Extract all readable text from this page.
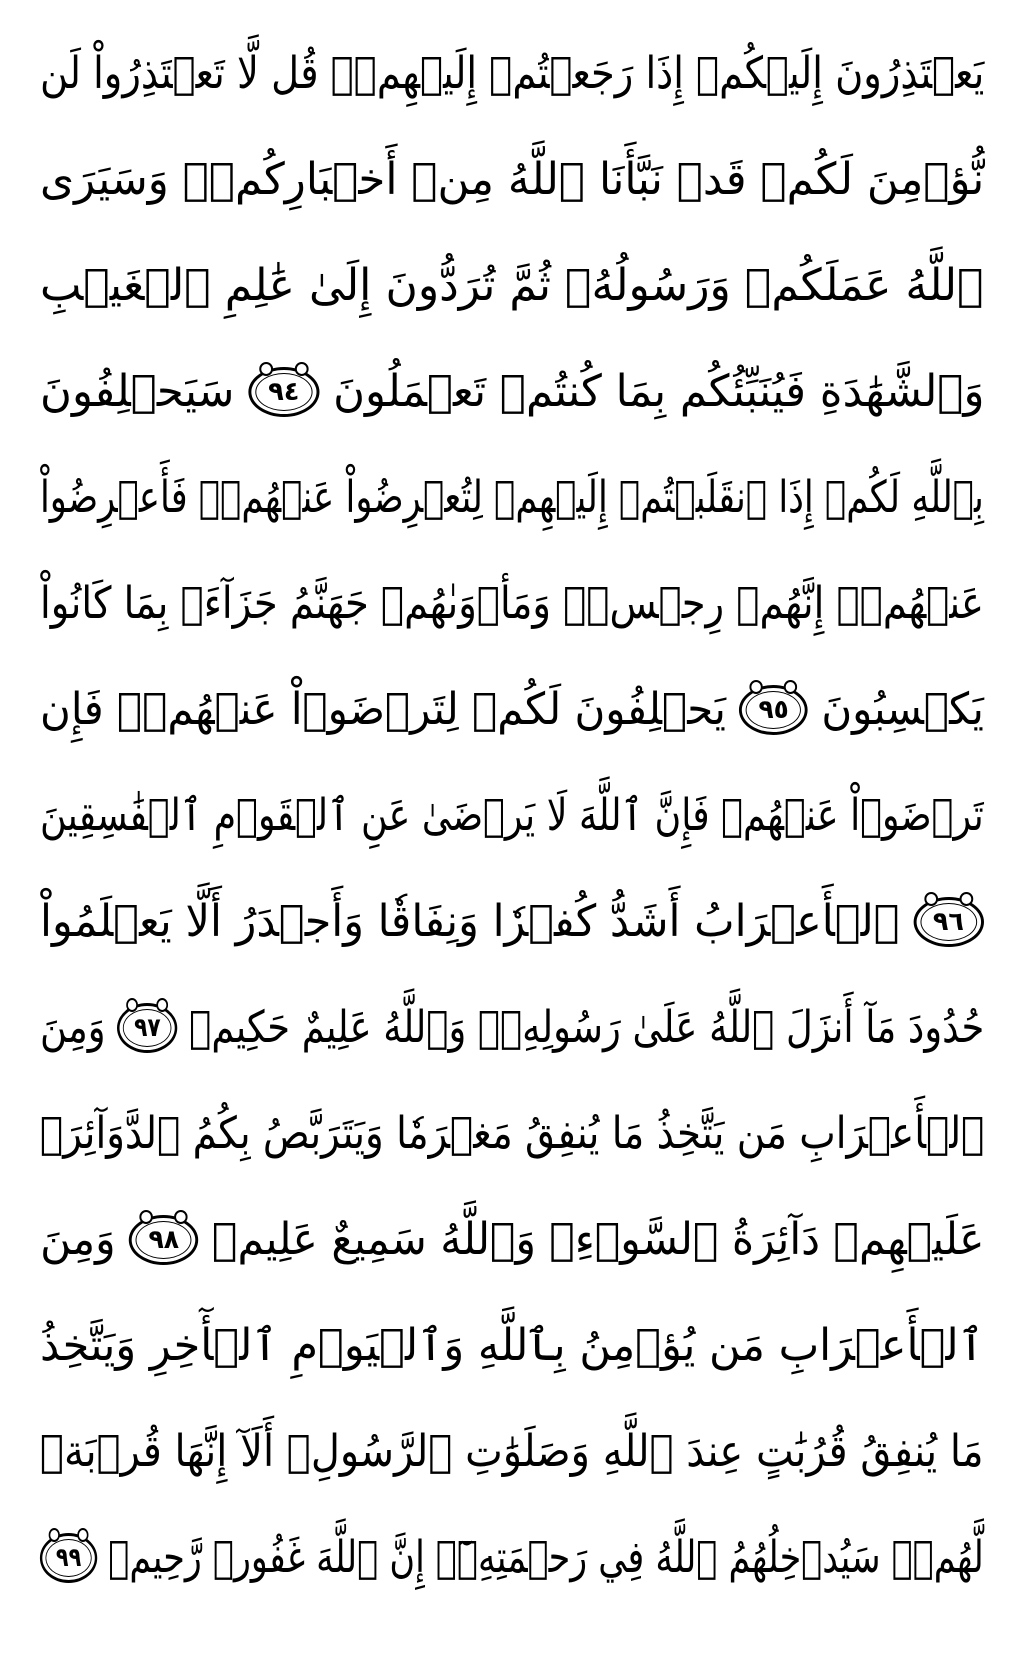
يَعۡتَذِرُونَ إِلَيۡكُمۡ إِذَا رَجَعۡتُمۡ إِلَيۡهِمۡۚ قُل لَّا تَعۡتَذِرُواْ لَن
نُّؤۡمِنَ لَكُمۡ قَدۡ نَبَّأَنَا ٱللَّهُ مِنۡ أَخۡبَارِكُمۡۚ وَسَيَرَى
ٱللَّهُ عَمَلَكُمۡ وَرَسُولُهُۥ ثُمَّ تُرَدُّونَ إِلَىٰ عَٰلِمِ ٱلۡغَيۡبِ
وَٱلشَّهَٰدَةِ فَيُنَبِّئُكُم بِمَا كُنتُمۡ تَعۡمَلُونَ
٩٤
سَيَحۡلِفُونَ
بِٱللَّهِ لَكُمۡ إِذَا ٱنقَلَبۡتُمۡ إِلَيۡهِمۡ لِتُعۡرِضُواْ عَنۡهُمۡۖ فَأَعۡرِضُواْ
عَنۡهُمۡۖ إِنَّهُمۡ رِجۡسٞۖ وَمَأۡوَىٰهُمۡ جَهَنَّمُ جَزَآءَۢ بِمَا كَانُواْ
يَكۡسِبُونَ
٩٥
يَحۡلِفُونَ لَكُمۡ لِتَرۡضَوۡاْ عَنۡهُمۡۖ فَإِن
تَرۡضَوۡاْ عَنۡهُمۡ فَإِنَّ ٱللَّهَ لَا يَرۡضَىٰ عَنِ ٱلۡقَوۡمِ ٱلۡفَٰسِقِينَ
٩٦
ٱلۡأَعۡرَابُ أَشَدُّ كُفۡرٗا وَنِفَاقٗا وَأَجۡدَرُ أَلَّا يَعۡلَمُواْ
حُدُودَ مَآ أَنزَلَ ٱللَّهُ عَلَىٰ رَسُولِهِۦۗ وَٱللَّهُ عَلِيمٌ حَكِيمٞ
٩٧
وَمِنَ
ٱلۡأَعۡرَابِ مَن يَتَّخِذُ مَا يُنفِقُ مَغۡرَمٗا وَيَتَرَبَّصُ بِكُمُ ٱلدَّوَآئِرَۚ
عَلَيۡهِمۡ دَآئِرَةُ ٱلسَّوۡءِۗ وَٱللَّهُ سَمِيعٌ عَلِيمٞ
٩٨
وَمِنَ
ٱلۡأَعۡرَابِ مَن يُؤۡمِنُ بِٱللَّهِ وَٱلۡيَوۡمِ ٱلۡأٓخِرِ وَيَتَّخِذُ
مَا يُنفِقُ قُرُبَٰتٍ عِندَ ٱللَّهِ وَصَلَوَٰتِ ٱلرَّسُولِۚ أَلَآ إِنَّهَا قُرۡبَةٞ
لَّهُمۡۚ سَيُدۡخِلُهُمُ ٱللَّهُ فِي رَحۡمَتِهِۦٓۚ إِنَّ ٱللَّهَ غَفُورٞ رَّحِيمٞ
٩٩
